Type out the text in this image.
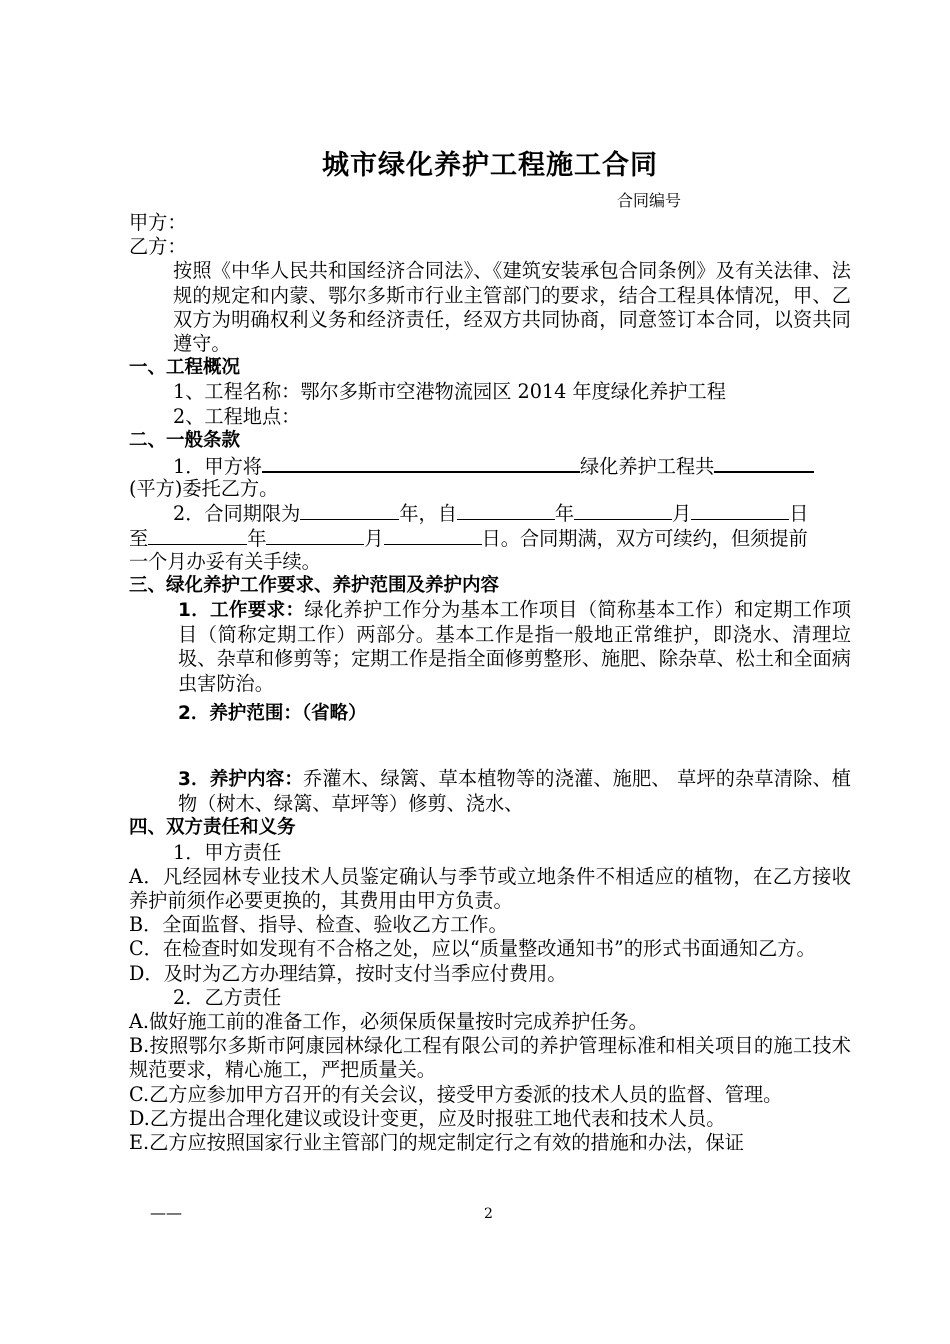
城市绿化养护工程施工合同
合同编号
甲方：
乙方：
按照《中华人民共和国经济合同法》、《建筑安装承包合同条例》及有关法律、法规的规定和内蒙、鄂尔多斯市行业主管部门的要求，结合工程具体情况，甲、乙双方为明确权利义务和经济责任，经双方共同协商，同意签订本合同，以资共同遵守。
一、工程概况
1、工程名称：鄂尔多斯市空港物流园区 2014 年度绿化养护工程
2、工程地点：
二、一般条款
1．甲方将	绿化养护工程共
(平方)委托乙方。
2．合同期限为	年，自	年	月	日
至	年	月	日。合同期满，双方可续约，但须提前
一个月办妥有关手续。
三、绿化养护工作要求、养护范围及养护内容
1．工作要求：绿化养护工作分为基本工作项目（简称基本工作）和定期工作项目（简称定期工作）两部分。基本工作是指一般地正常维护，即浇水、清理垃圾、杂草和修剪等；定期工作是指全面修剪整形、施肥、除杂草、松土和全面病虫害防治。
2．养护范围：（省略）
3．养护内容：乔灌木、绿篱、草本植物等的浇灌、施肥、 草坪的杂草清除、植物（树木、绿篱、草坪等）修剪、浇水、
四、双方责任和义务
1．甲方责任
A．凡经园林专业技术人员鉴定确认与季节或立地条件不相适应的植物，在乙方接收养护前须作必要更换的，其费用由甲方负责。
B．全面监督、指导、检查、验收乙方工作。
C．在检查时如发现有不合格之处，应以“质量整改通知书”的形式书面通知乙方。
D．及时为乙方办理结算，按时支付当季应付费用。
2．乙方责任
A.做好施工前的准备工作，必须保质保量按时完成养护任务。
B.按照鄂尔多斯市阿康园林绿化工程有限公司的养护管理标准和相关项目的施工技术规范要求，精心施工，严把质量关。
C.乙方应参加甲方召开的有关会议，接受甲方委派的技术人员的监督、管理。
D.乙方提出合理化建议或设计变更，应及时报驻工地代表和技术人员。
E.乙方应按照国家行业主管部门的规定制定行之有效的措施和办法，保证
——	2
